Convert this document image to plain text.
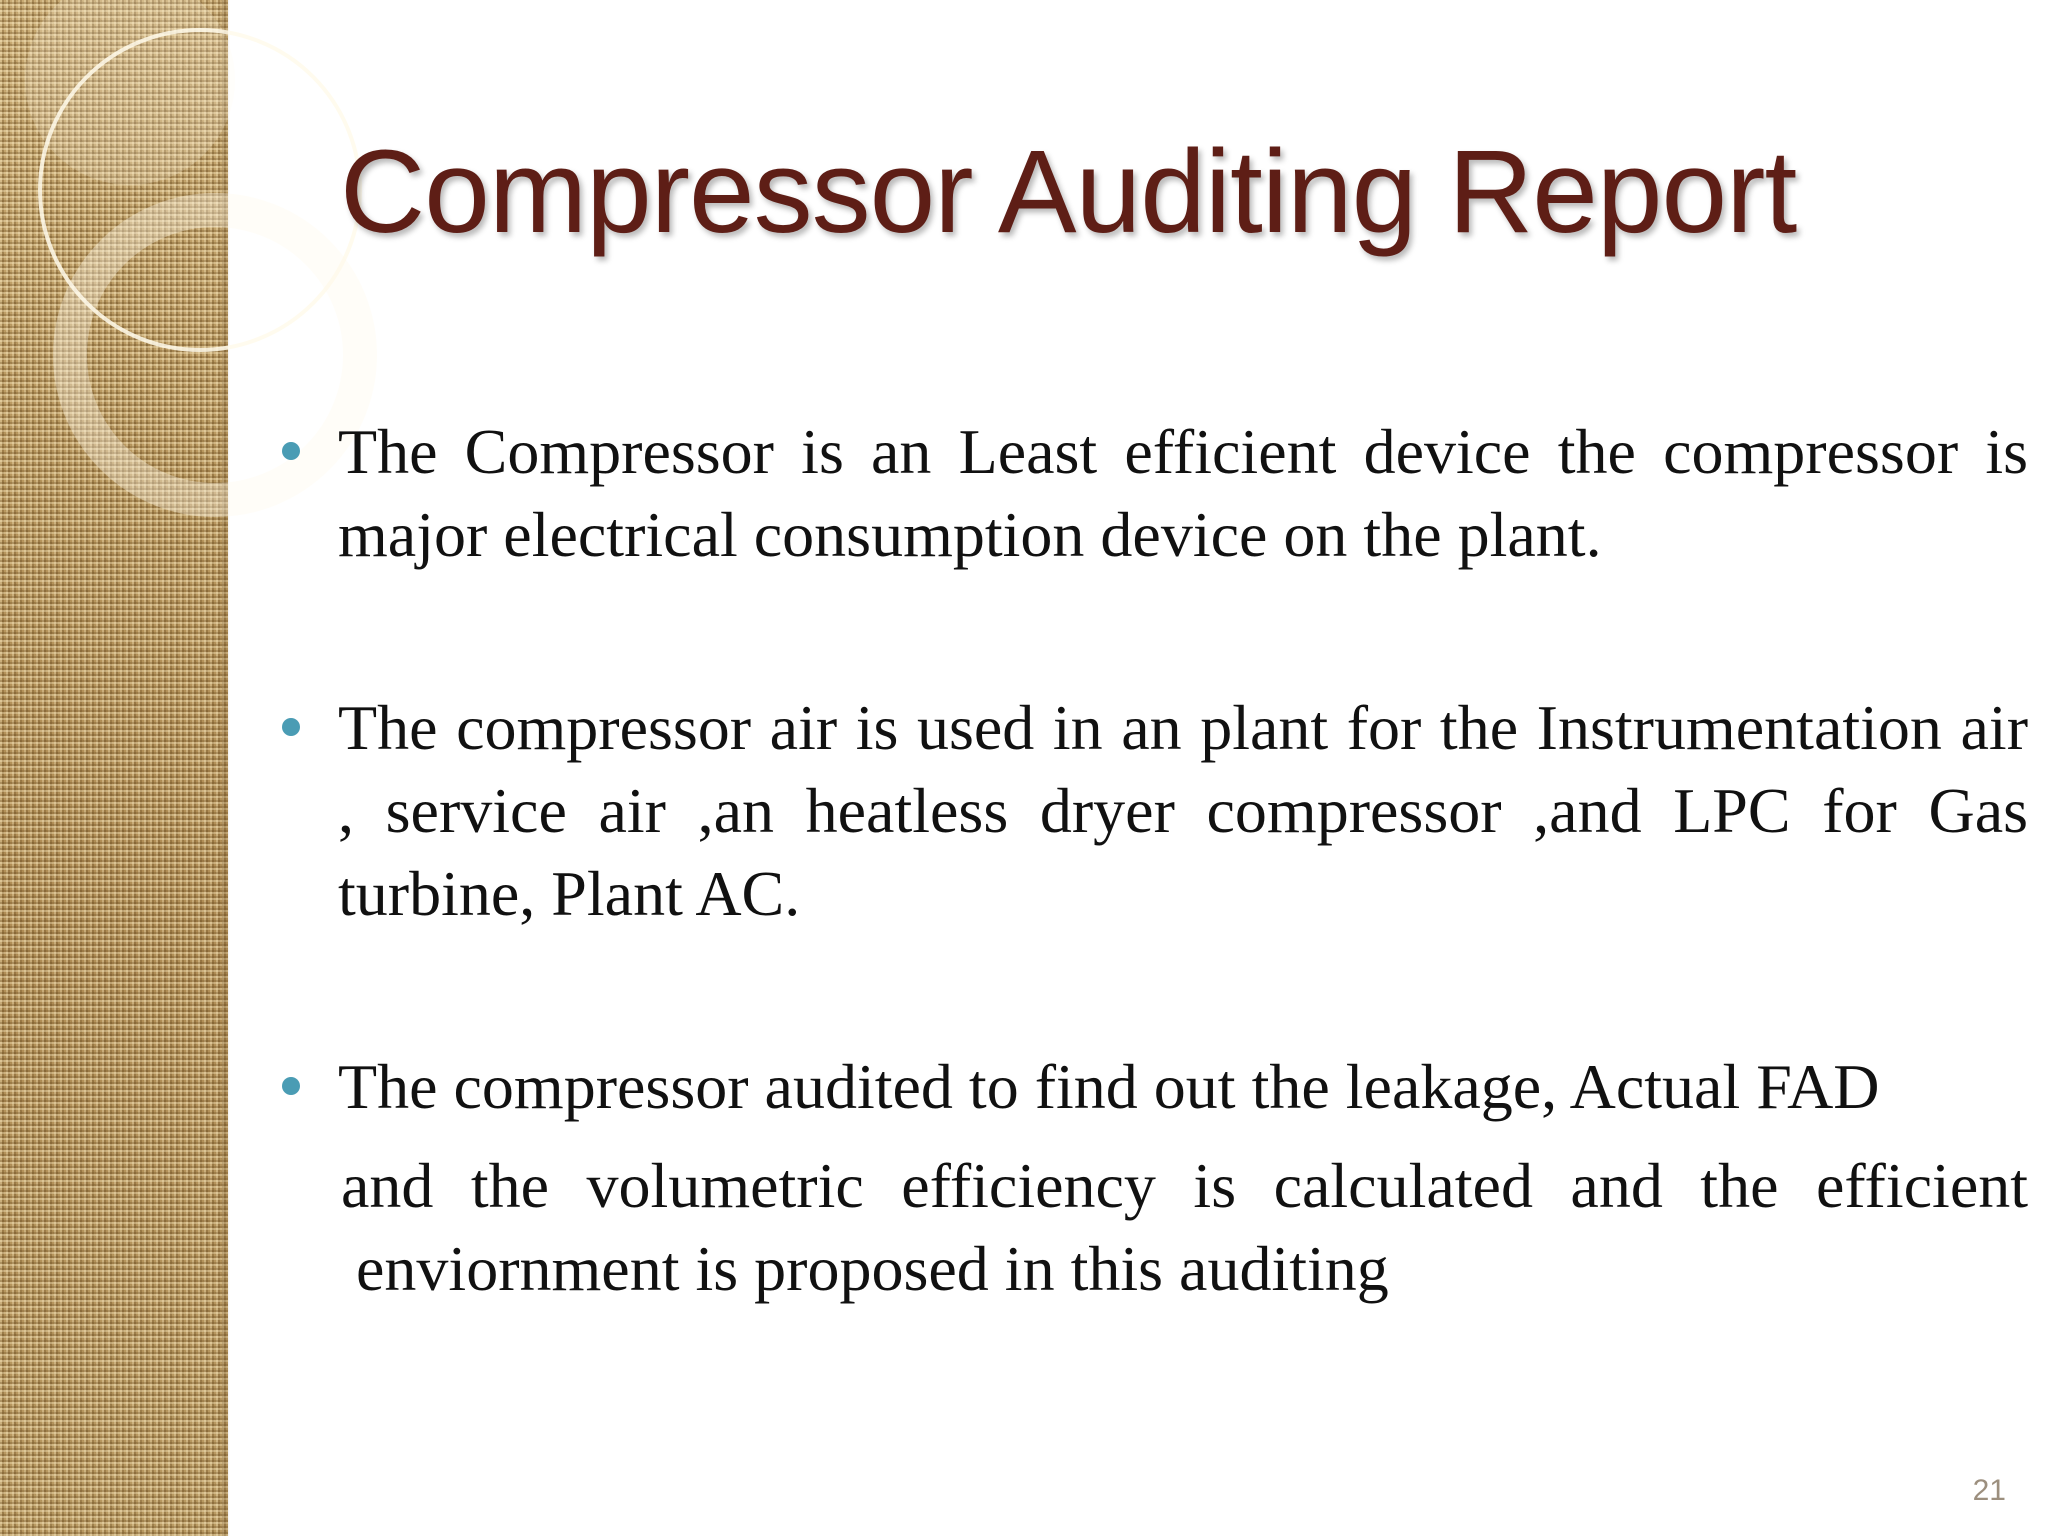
Compressor Auditing Report
The Compressor is an Least efficient device the compressor is major electrical consumption device on the plant.
The compressor air is used in an plant for the Instrumentation air , service air ,an heatless dryer compressor ,and LPC for Gas turbine, Plant AC.
The compressor audited to find out the leakage, Actual FAD
and the volumetric efficiency is calculated and the efficient
enviornment is proposed in this auditing
21
